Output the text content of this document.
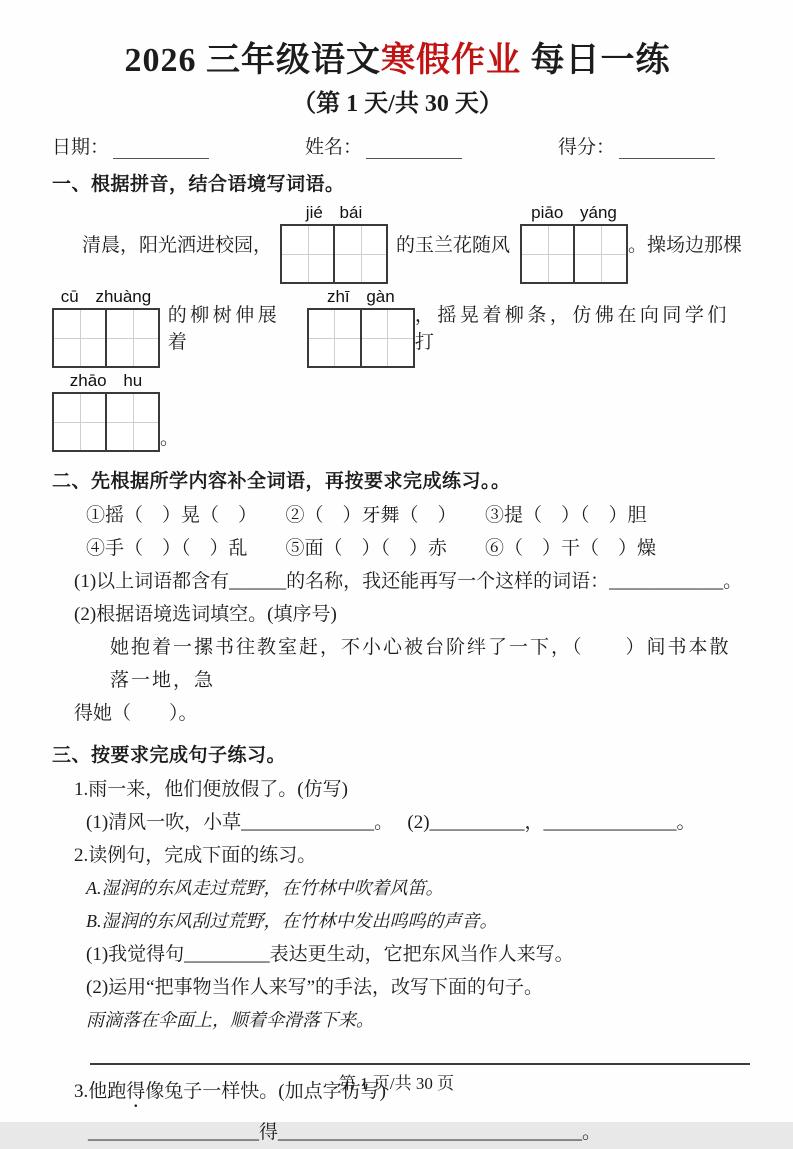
2026 三年级语文寒假作业 每日一练
（第 1 天/共 30 天）
日期：	姓名：	得分：
一、根据拼音，结合语境写词语。
清晨，阳光洒进校园，
jié bái
的玉兰花随风
piāo yáng
。操场边那棵
cū zhuàng
的柳树伸展着
zhī gàn
，摇晃着柳条，仿佛在向同学们打
zhāo hu
。
二、先根据所学内容补全词语，再按要求完成练习。。

①摇（　）晃（　）　　②（　）牙舞（　）　　③提（　）（　）胆

④手（　）（　）乱　　⑤面（　）（　）赤　　⑥（　）干（　）燥

(1)以上词语都含有______的名称，我还能再写一个这样的词语：____________。

(2)根据语境选词填空。(填序号)

她抱着一摞书往教室赶，不小心被台阶绊了一下，（　　）间书本散落一地，急

得她（　　）。

三、按要求完成句子练习。

1.雨一来，他们便放假了。(仿写)

(1)清风一吹，小草______________。　 (2)__________，______________。

2.读例句，完成下面的练习。

A.湿润的东风走过荒野，在竹林中吹着风笛。

B.湿润的东风刮过荒野，在竹林中发出呜呜的声音。

(1)我觉得句_________表达更生动，它把东风当作人来写。

(2)运用“把事物当作人来写”的手法，改写下面的句子。

雨滴落在伞面上，顺着伞滑落下来。

3.他跑得像兔子一样快。(加点字仿写)

__________________得________________________________。

第 1 页/共 30 页
